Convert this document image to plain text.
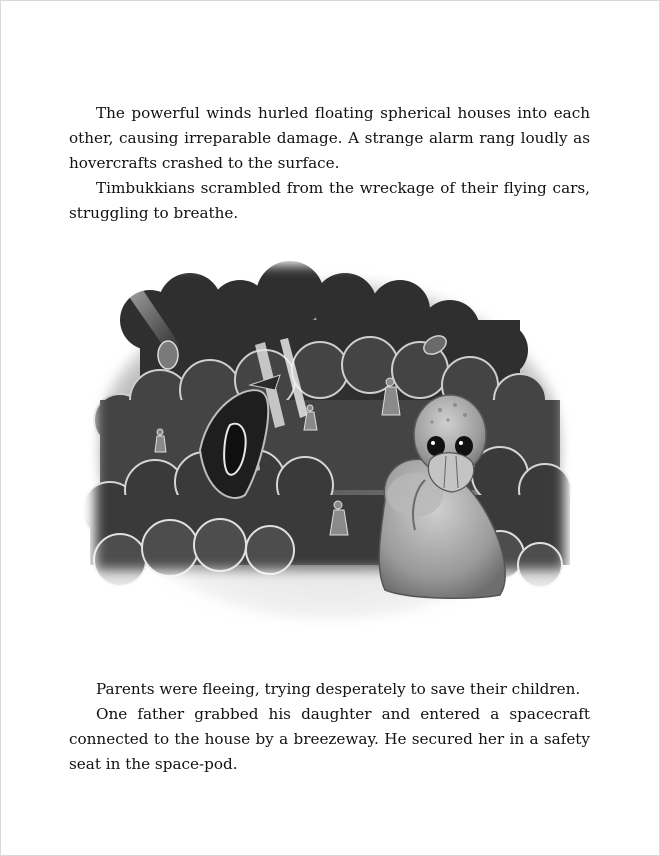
The powerful winds hurled floating spherical houses into each other, causing irreparable damage. A strange alarm rang loudly as hovercrafts crashed to the surface.

Timbukkians scrambled from the wreckage of their flying cars, struggling to breathe.

Parents were fleeing, trying desperately to save their children.

One father grabbed his daughter and entered a spacecraft connected to the house by a breezeway. He secured her in a safety seat in the space-pod.
